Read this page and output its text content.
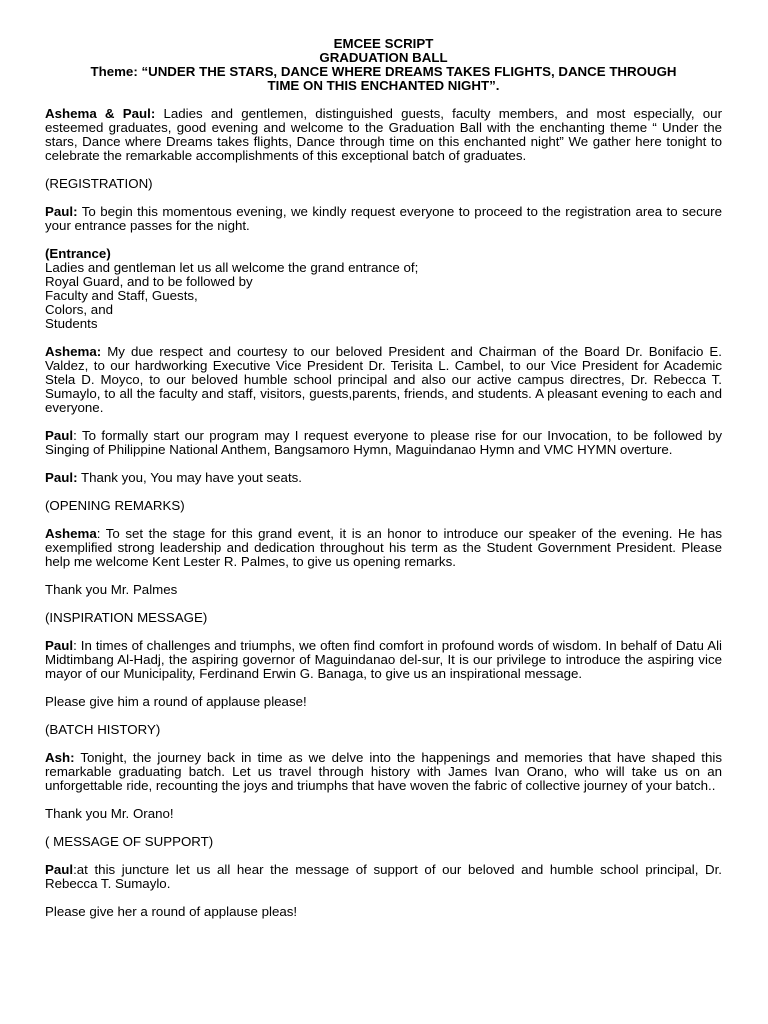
EMCEE SCRIPT
GRADUATION BALL
Theme: “UNDER THE STARS, DANCE WHERE DREAMS TAKES FLIGHTS, DANCE THROUGH
TIME ON THIS ENCHANTED NIGHT”.

Ashema & Paul: Ladies and gentlemen, distinguished guests, faculty members, and most especially, our esteemed graduates, good evening and welcome to the Graduation Ball with the enchanting theme “ Under the stars, Dance where Dreams takes flights, Dance through time on this enchanted night” We gather here tonight to celebrate the remarkable accomplishments of this exceptional batch of graduates.

(REGISTRATION)

Paul: To begin this momentous evening, we kindly request everyone to proceed to the registration area to secure your entrance passes for the night.

(Entrance)
Ladies and gentleman let us all welcome the grand entrance of;
Royal Guard, and to be followed by
Faculty and Staff, Guests,
Colors, and
Students

Ashema: My due respect and courtesy to our beloved President and Chairman of the Board Dr. Bonifacio E. Valdez, to our hardworking Executive Vice President Dr. Terisita L. Cambel, to our Vice President for Academic Stela D. Moyco, to our beloved humble school principal and also our active campus directres, Dr. Rebecca T. Sumaylo, to all the faculty and staff, visitors, guests,parents, friends, and students. A pleasant evening to each and everyone.

Paul: To formally start our program may I request everyone to please rise for our Invocation, to be followed by Singing of Philippine National Anthem, Bangsamoro Hymn, Maguindanao Hymn and VMC HYMN overture.

Paul: Thank you, You may have yout seats.

(OPENING REMARKS)

Ashema: To set the stage for this grand event, it is an honor to introduce our speaker of the evening. He has exemplified strong leadership and dedication throughout his term as the Student Government President. Please help me welcome Kent Lester R. Palmes, to give us opening remarks.

Thank you Mr. Palmes

(INSPIRATION MESSAGE)

Paul: In times of challenges and triumphs, we often find comfort in profound words of wisdom. In behalf of Datu Ali Midtimbang Al-Hadj, the aspiring governor of Maguindanao del-sur, It is our privilege to introduce the aspiring vice mayor of our Municipality, Ferdinand Erwin G. Banaga, to give us an inspirational message.

Please give him a round of applause please!

(BATCH HISTORY)

Ash: Tonight, the journey back in time as we delve into the happenings and memories that have shaped this remarkable graduating batch. Let us travel through history with James Ivan Orano, who will take us on an unforgettable ride, recounting the joys and triumphs that have woven the fabric of collective journey of your batch..

Thank you Mr. Orano!

( MESSAGE OF SUPPORT)

Paul:at this juncture let us all hear the message of support of our beloved and humble school principal, Dr. Rebecca T. Sumaylo.

Please give her a round of applause pleas!
